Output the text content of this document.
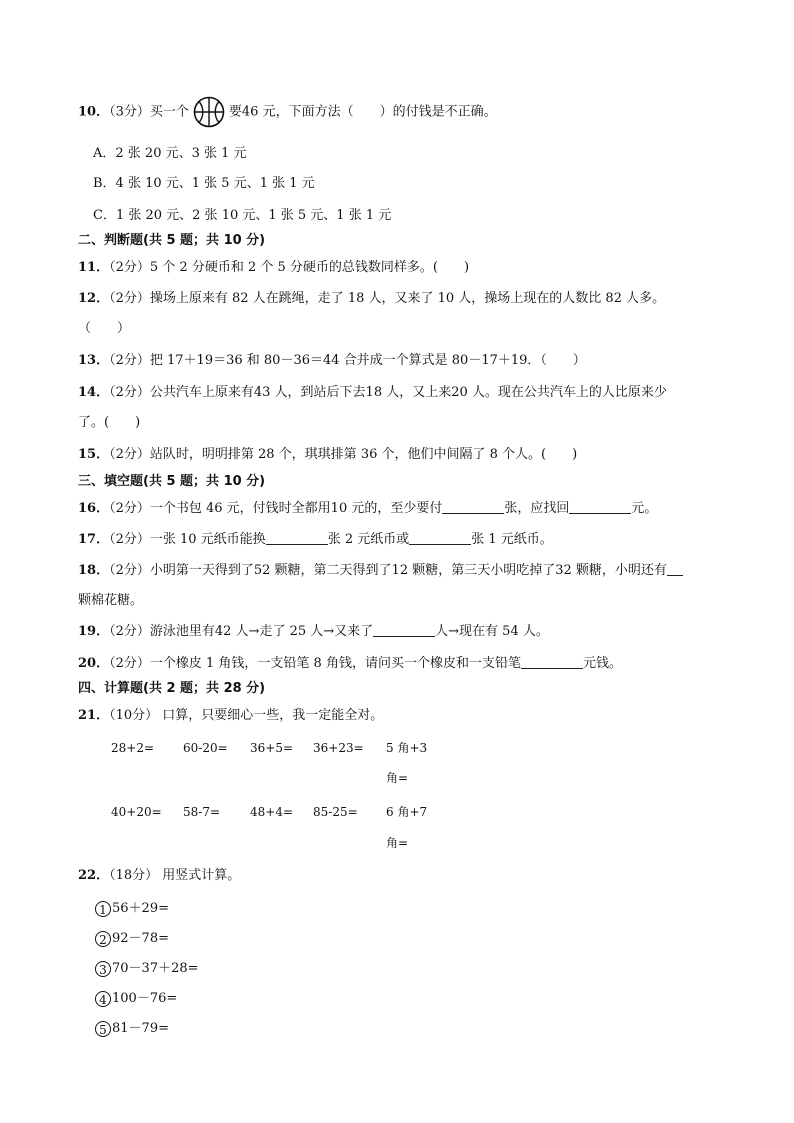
10．（3分）买一个	要46 元，下面方法（　　）的付钱是不正确。
A．2 张 20 元、3 张 1 元
B．4 张 10 元、1 张 5 元、1 张 1 元
C．1 张 20 元、2 张 10 元、1 张 5 元、1 张 1 元
二、判断题(共 5 题；共 10 分)
11．（2分）5 个 2 分硬币和 2 个 5 分硬币的总钱数同样多。(　　)
12．（2分）操场上原来有 82 人在跳绳，走了 18 人，又来了 10 人，操场上现在的人数比 82 人多。
（　　）
13．（2分）把 17＋19＝36 和 80－36＝44 合并成一个算式是 80－17＋19．（　　）
14．（2分）公共汽车上原来有43 人，到站后下去18 人，又上来20 人。现在公共汽车上的人比原来少
了。(　　)
15．（2分）站队时，明明排第 28 个，琪琪排第 36 个，他们中间隔了 8 个人。(　　)
三、填空题(共 5 题；共 10 分)
16．（2分）一个书包 46 元，付钱时全都用10 元的，至少要付	张，应找回	元。
17．（2分）一张 10 元纸币能换	张 2 元纸币或	张 1 元纸币。
18．（2分）小明第一天得到了52 颗糖，第二天得到了12 颗糖，第三天小明吃掉了32 颗糖，小明还有
颗棉花糖。
19．（2分）游泳池里有42 人→走了 25 人→又来了	人→现在有 54 人。
20．（2分）一个橡皮 1 角钱，一支铅笔 8 角钱，请问买一个橡皮和一支铅笔	元钱。
四、计算题(共 2 题；共 28 分)
21．（10分） 口算，只要细心一些，我一定能全对。
28+2= 60-20= 36+5= 36+23= 5 角+3
角=
40+20= 58-7= 48+4= 85-25= 6 角+7
角=
22．（18分） 用竖式计算。
1 56＋29=
2 92－78=
3 70－37＋28=
4 100－76=
5 81－79=
